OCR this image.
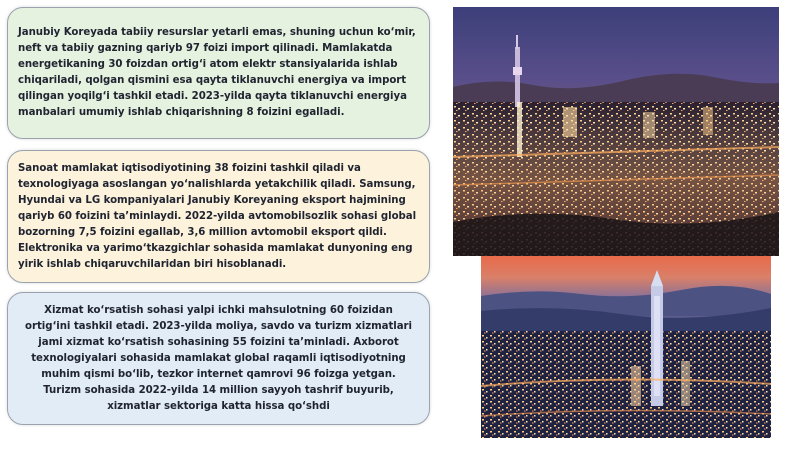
Janubiy Koreyada tabiiy resurslar yetarli emas, shuning uchun ko‘mir, neft va tabiiy gazning qariyb 97 foizi import qilinadi. Mamlakatda energetikaning 30 foizdan ortig‘i atom elektr stansiyalarida ishlab chiqariladi, qolgan qismini esa qayta tiklanuvchi energiya va import qilingan yoqilg‘i tashkil etadi. 2023-yilda qayta tiklanuvchi energiya manbalari umumiy ishlab chiqarishning 8 foizini egalladi.

Sanoat mamlakat iqtisodiyotining 38 foizini tashkil qiladi va texnologiyaga asoslangan yo‘nalishlarda yetakchilik qiladi. Samsung, Hyundai va LG kompaniyalari Janubiy Koreyaning eksport hajmining qariyb 60 foizini ta’minlaydi. 2022-yilda avtomobilsozlik sohasi global bozorning 7,5 foizini egallab, 3,6 million avtomobil eksport qildi. Elektronika va yarimo‘tkazgichlar sohasida mamlakat dunyoning eng yirik ishlab chiqaruvchilaridan biri hisoblanadi.

Xizmat ko‘rsatish sohasi yalpi ichki mahsulotning 60 foizidan ortig‘ini tashkil etadi. 2023-yilda moliya, savdo va turizm xizmatlari jami xizmat ko‘rsatish sohasining 55 foizini ta’minladi. Axborot texnologiyalari sohasida mamlakat global raqamli iqtisodiyotning muhim qismi bo‘lib, tezkor internet qamrovi 96 foizga yetgan. Turizm sohasida 2022-yilda 14 million sayyoh tashrif buyurib, xizmatlar sektoriga katta hissa qo‘shdi
